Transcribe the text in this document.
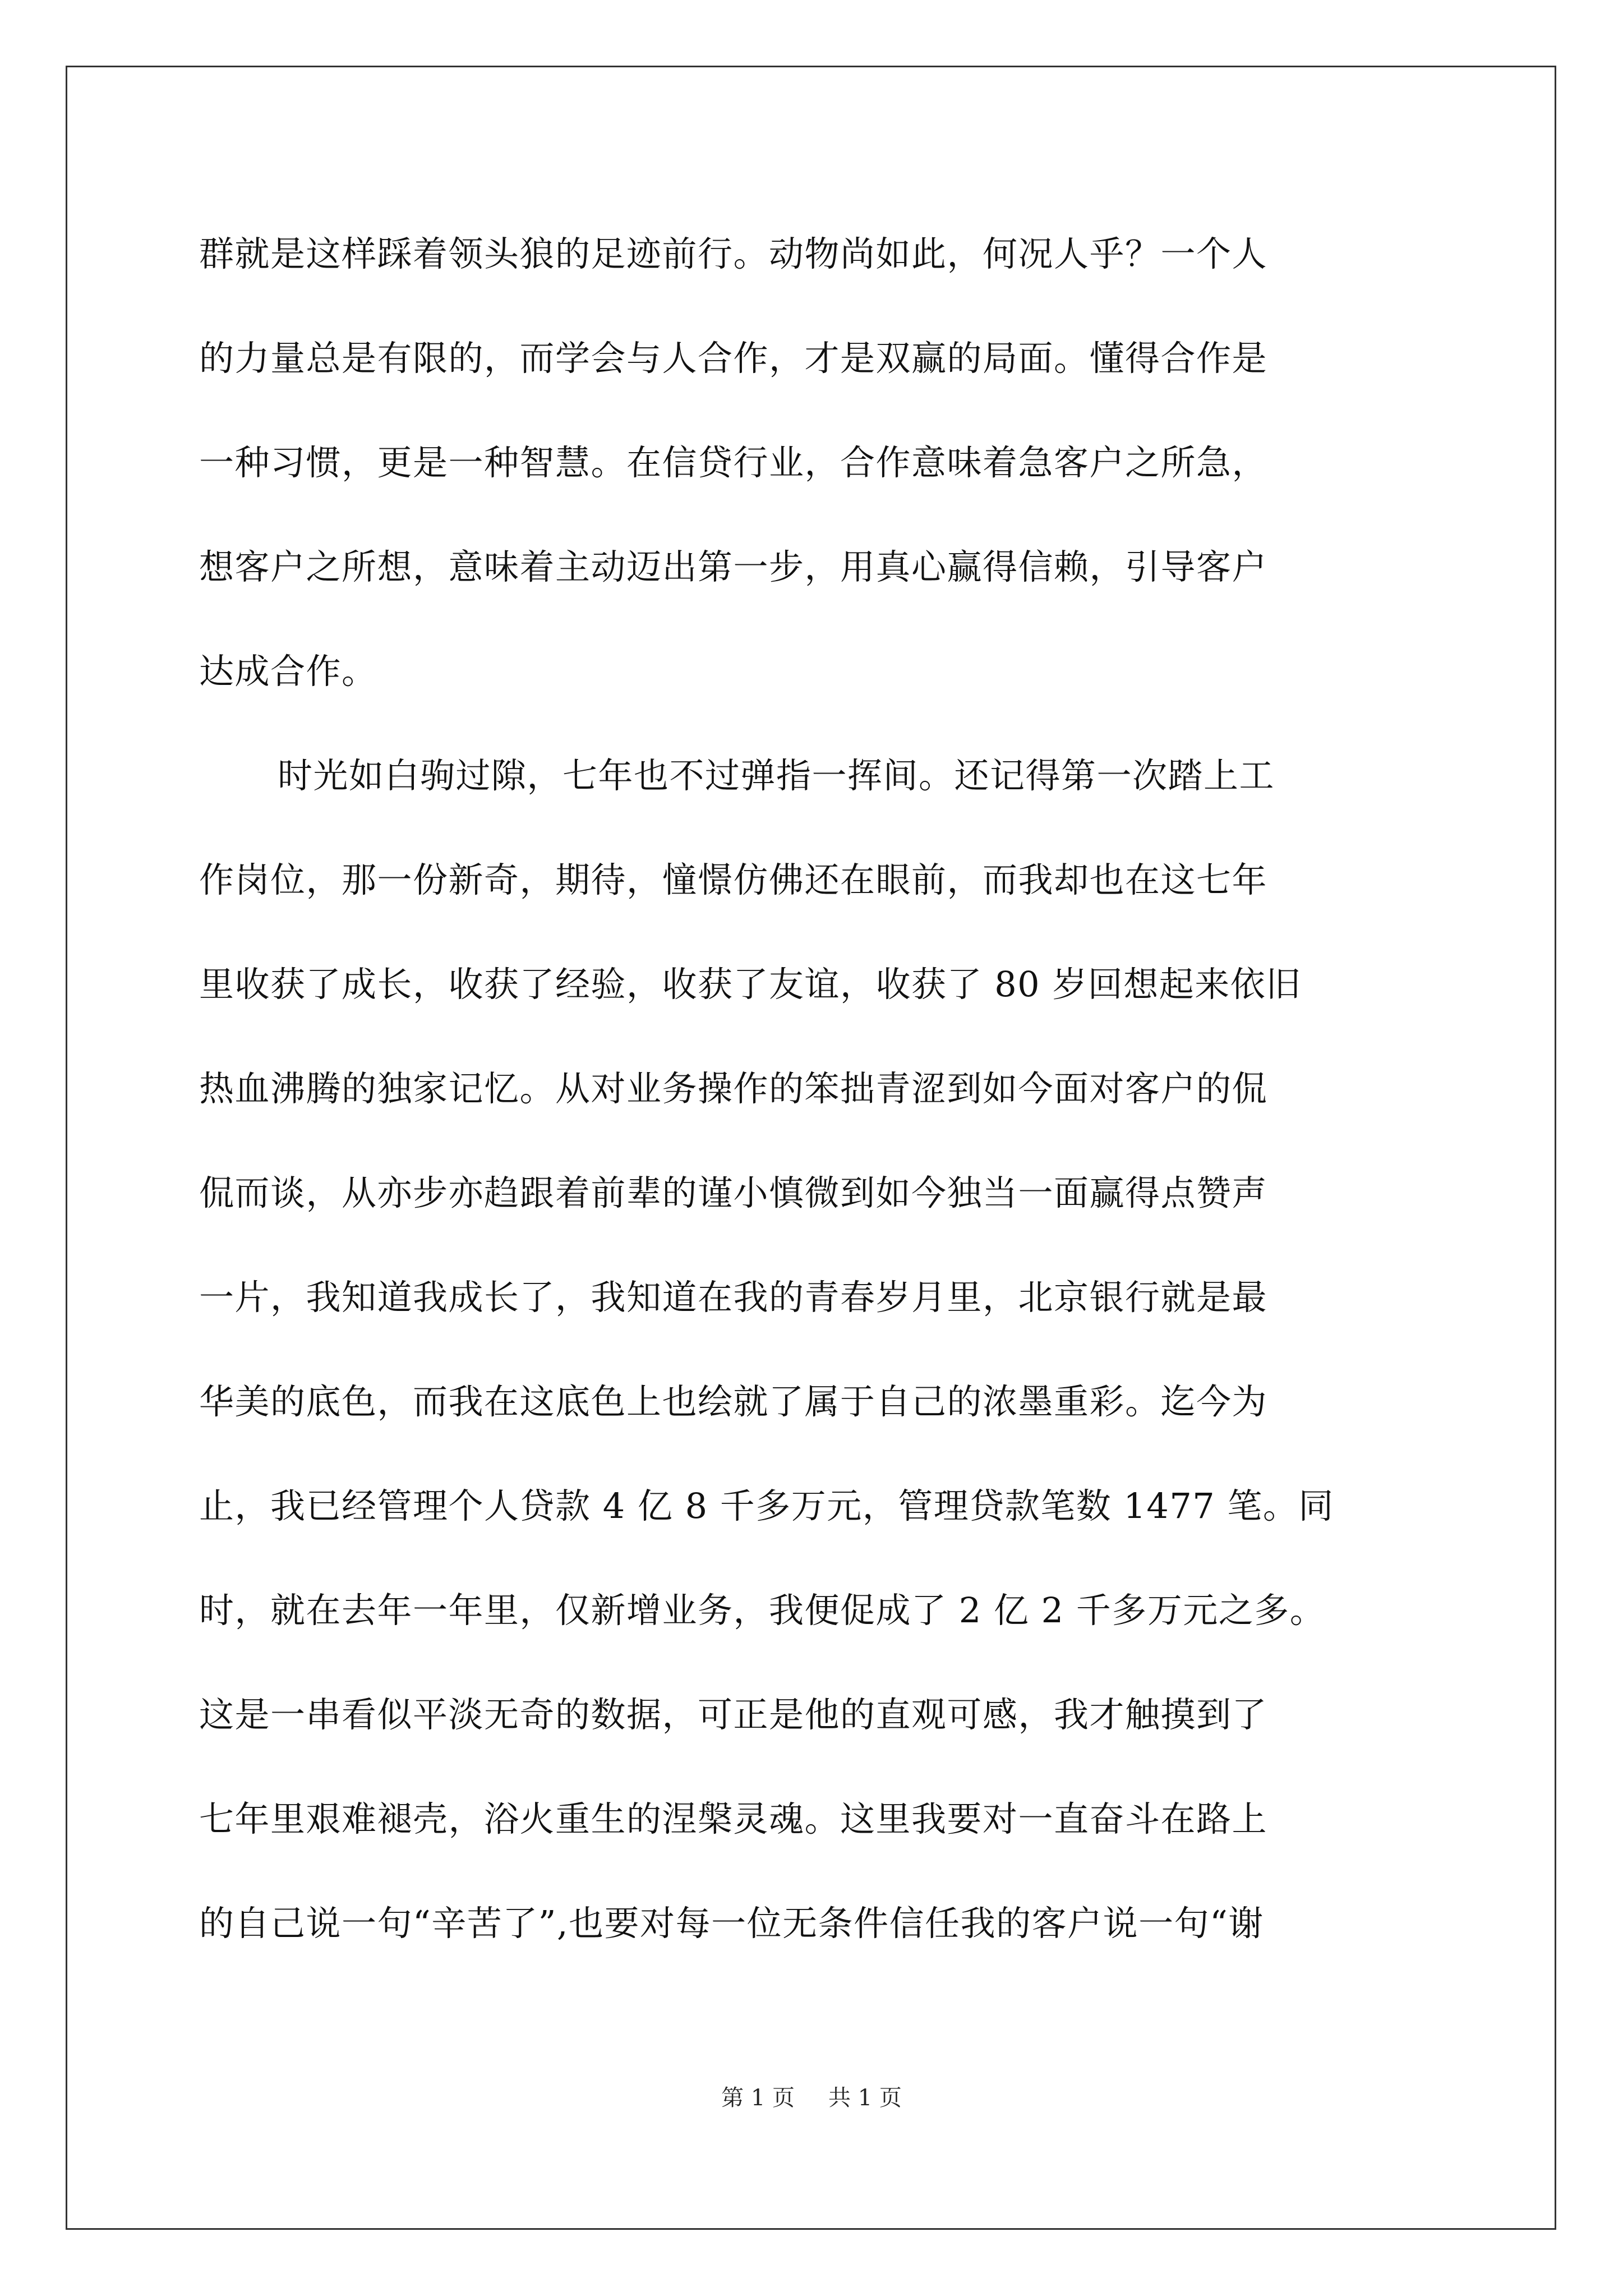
群就是这样踩着领头狼的足迹前行。动物尚如此，何况人乎？一个人
的力量总是有限的，而学会与人合作，才是双赢的局面。懂得合作是
一种习惯，更是一种智慧。在信贷行业，合作意味着急客户之所急，
想客户之所想，意味着主动迈出第一步，用真心赢得信赖，引导客户
达成合作。
时光如白驹过隙，七年也不过弹指一挥间。还记得第一次踏上工
作岗位，那一份新奇，期待，憧憬仿佛还在眼前，而我却也在这七年
里收获了成长，收获了经验，收获了友谊，收获了 80 岁回想起来依旧
热血沸腾的独家记忆。从对业务操作的笨拙青涩到如今面对客户的侃
侃而谈，从亦步亦趋跟着前辈的谨小慎微到如今独当一面赢得点赞声
一片，我知道我成长了，我知道在我的青春岁月里，北京银行就是最
华美的底色，而我在这底色上也绘就了属于自己的浓墨重彩。迄今为
止，我已经管理个人贷款 4 亿 8 千多万元，管理贷款笔数 1477 笔。同
时，就在去年一年里，仅新增业务，我便促成了 2 亿 2 千多万元之多。
这是一串看似平淡无奇的数据，可正是他的直观可感，我才触摸到了
七年里艰难褪壳，浴火重生的涅槃灵魂。这里我要对一直奋斗在路上
的自己说一句“辛苦了”,也要对每一位无条件信任我的客户说一句“谢
第 1 页 共 1 页
